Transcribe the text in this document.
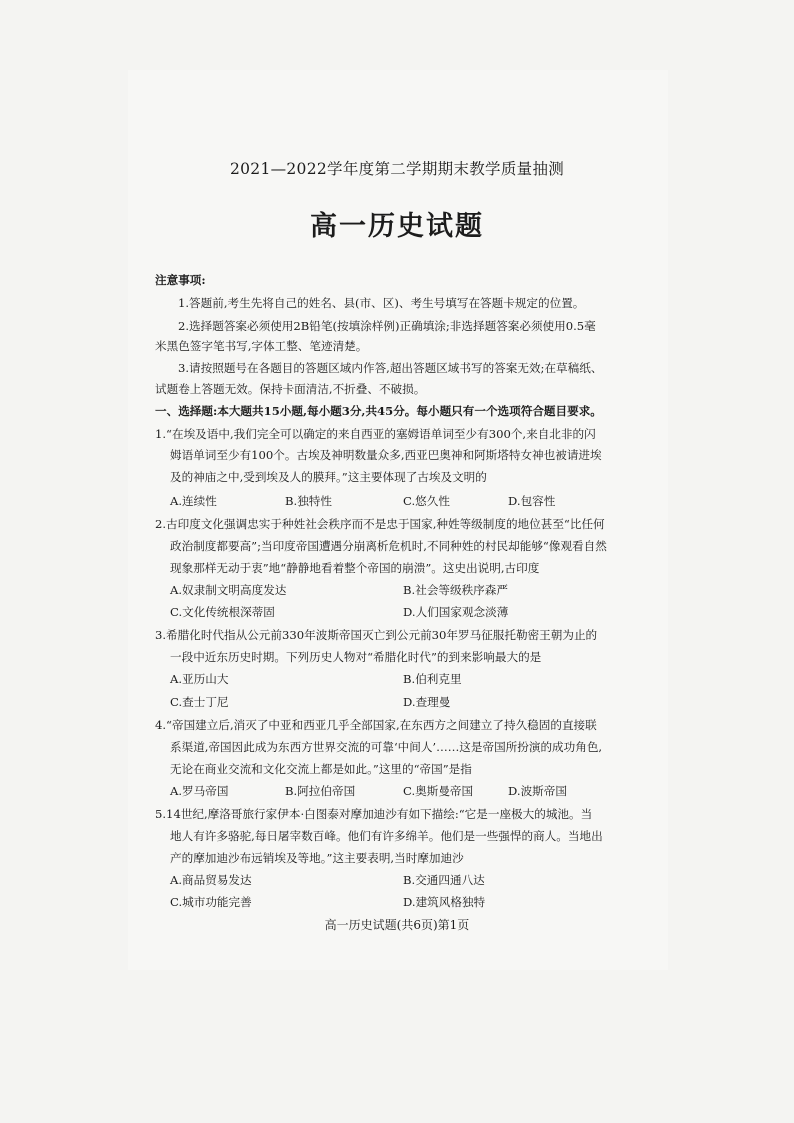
2021—2022学年度第二学期期末教学质量抽测
高一历史试题
注意事项:
1.答题前,考生先将自己的姓名、县(市、区)、考生号填写在答题卡规定的位置。
2.选择题答案必须使用2B铅笔(按填涂样例)正确填涂;非选择题答案必须使用0.5毫
米黑色签字笔书写,字体工整、笔迹清楚。
3.请按照题号在各题目的答题区域内作答,超出答题区域书写的答案无效;在草稿纸、
试题卷上答题无效。保持卡面清洁,不折叠、不破损。
一、选择题:本大题共15小题,每小题3分,共45分。每小题只有一个选项符合题目要求。
1.“在埃及语中,我们完全可以确定的来自西亚的塞姆语单词至少有300个,来自北非的闪
姆语单词至少有100个。古埃及神明数量众多,西亚巴奥神和阿斯塔特女神也被请进埃
及的神庙之中,受到埃及人的膜拜。”这主要体现了古埃及文明的
A.连续性	B.独特性	C.悠久性	D.包容性
2.古印度文化强调忠实于种姓社会秩序而不是忠于国家,种姓等级制度的地位甚至“比任何
政治制度都要高”;当印度帝国遭遇分崩离析危机时,不同种姓的村民却能够“像观看自然
现象那样无动于衷”地“静静地看着整个帝国的崩溃”。这史出说明,古印度
A.奴隶制文明高度发达	B.社会等级秩序森严
C.文化传统根深蒂固	D.人们国家观念淡薄
3.希腊化时代指从公元前330年波斯帝国灭亡到公元前30年罗马征服托勒密王朝为止的
一段中近东历史时期。下列历史人物对“希腊化时代”的到来影响最大的是
A.亚历山大	B.伯利克里
C.查士丁尼	D.查理曼
4.“帝国建立后,消灭了中亚和西亚几乎全部国家,在东西方之间建立了持久稳固的直接联
系渠道,帝国因此成为东西方世界交流的可靠‘中间人’……这是帝国所扮演的成功角色,
无论在商业交流和文化交流上都是如此。”这里的“帝国”是指
A.罗马帝国	B.阿拉伯帝国	C.奥斯曼帝国	D.波斯帝国
5.14世纪,摩洛哥旅行家伊本·白图泰对摩加迪沙有如下描绘:“它是一座极大的城池。当
地人有许多骆驼,每日屠宰数百峰。他们有许多绵羊。他们是一些强悍的商人。当地出
产的摩加迪沙布远销埃及等地。”这主要表明,当时摩加迪沙
A.商品贸易发达	B.交通四通八达
C.城市功能完善	D.建筑风格独特
高一历史试题(共6页)第1页
